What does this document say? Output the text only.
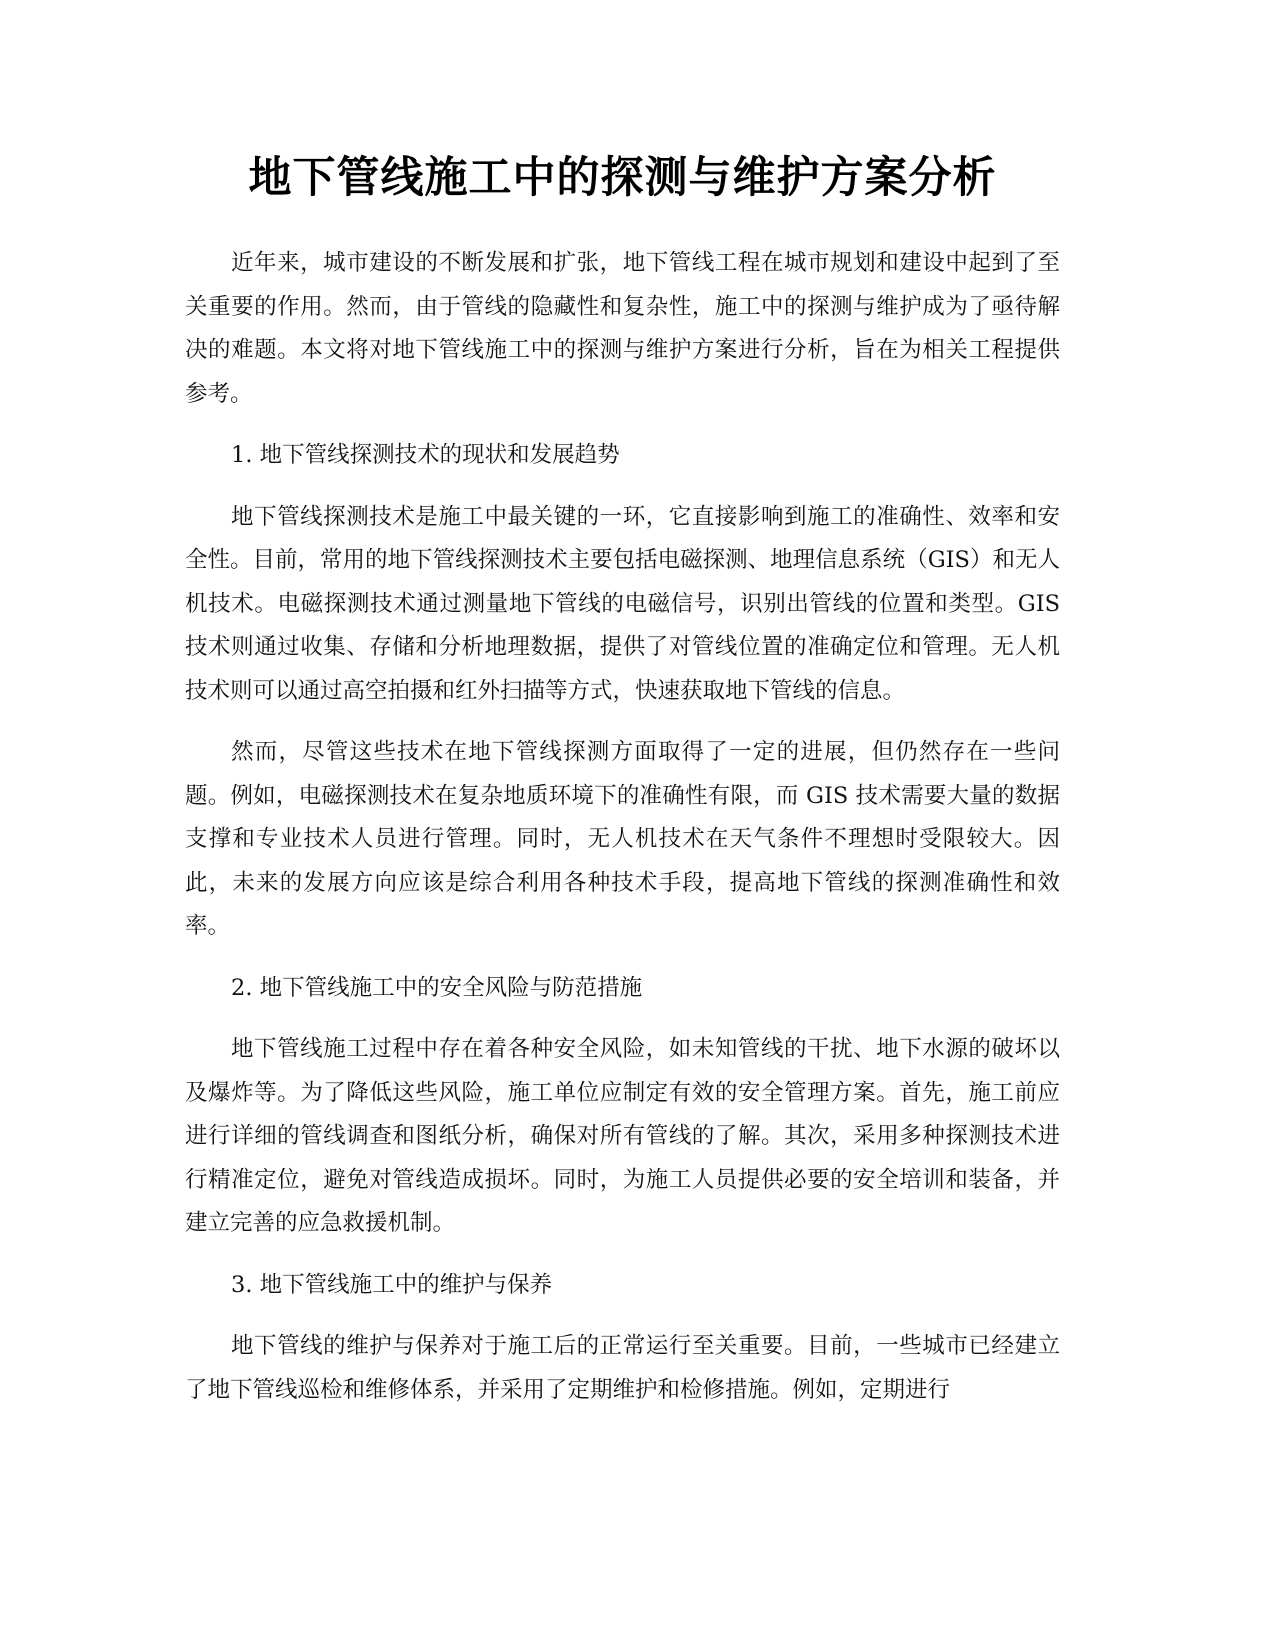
地下管线施工中的探测与维护方案分析

近年来，城市建设的不断发展和扩张，地下管线工程在城市规划和建设中起到了至关重要的作用。然而，由于管线的隐藏性和复杂性，施工中的探测与维护成为了亟待解决的难题。本文将对地下管线施工中的探测与维护方案进行分析，旨在为相关工程提供参考。

1. 地下管线探测技术的现状和发展趋势

地下管线探测技术是施工中最关键的一环，它直接影响到施工的准确性、效率和安全性。目前，常用的地下管线探测技术主要包括电磁探测、地理信息系统（GIS）和无人机技术。电磁探测技术通过测量地下管线的电磁信号，识别出管线的位置和类型。GIS 技术则通过收集、存储和分析地理数据，提供了对管线位置的准确定位和管理。无人机技术则可以通过高空拍摄和红外扫描等方式，快速获取地下管线的信息。

然而，尽管这些技术在地下管线探测方面取得了一定的进展，但仍然存在一些问题。例如，电磁探测技术在复杂地质环境下的准确性有限，而 GIS 技术需要大量的数据支撑和专业技术人员进行管理。同时，无人机技术在天气条件不理想时受限较大。因此，未来的发展方向应该是综合利用各种技术手段，提高地下管线的探测准确性和效率。

2. 地下管线施工中的安全风险与防范措施

地下管线施工过程中存在着各种安全风险，如未知管线的干扰、地下水源的破坏以及爆炸等。为了降低这些风险，施工单位应制定有效的安全管理方案。首先，施工前应进行详细的管线调查和图纸分析，确保对所有管线的了解。其次，采用多种探测技术进行精准定位，避免对管线造成损坏。同时，为施工人员提供必要的安全培训和装备，并建立完善的应急救援机制。

3. 地下管线施工中的维护与保养

地下管线的维护与保养对于施工后的正常运行至关重要。目前，一些城市已经建立了地下管线巡检和维修体系，并采用了定期维护和检修措施。例如，定期进行
